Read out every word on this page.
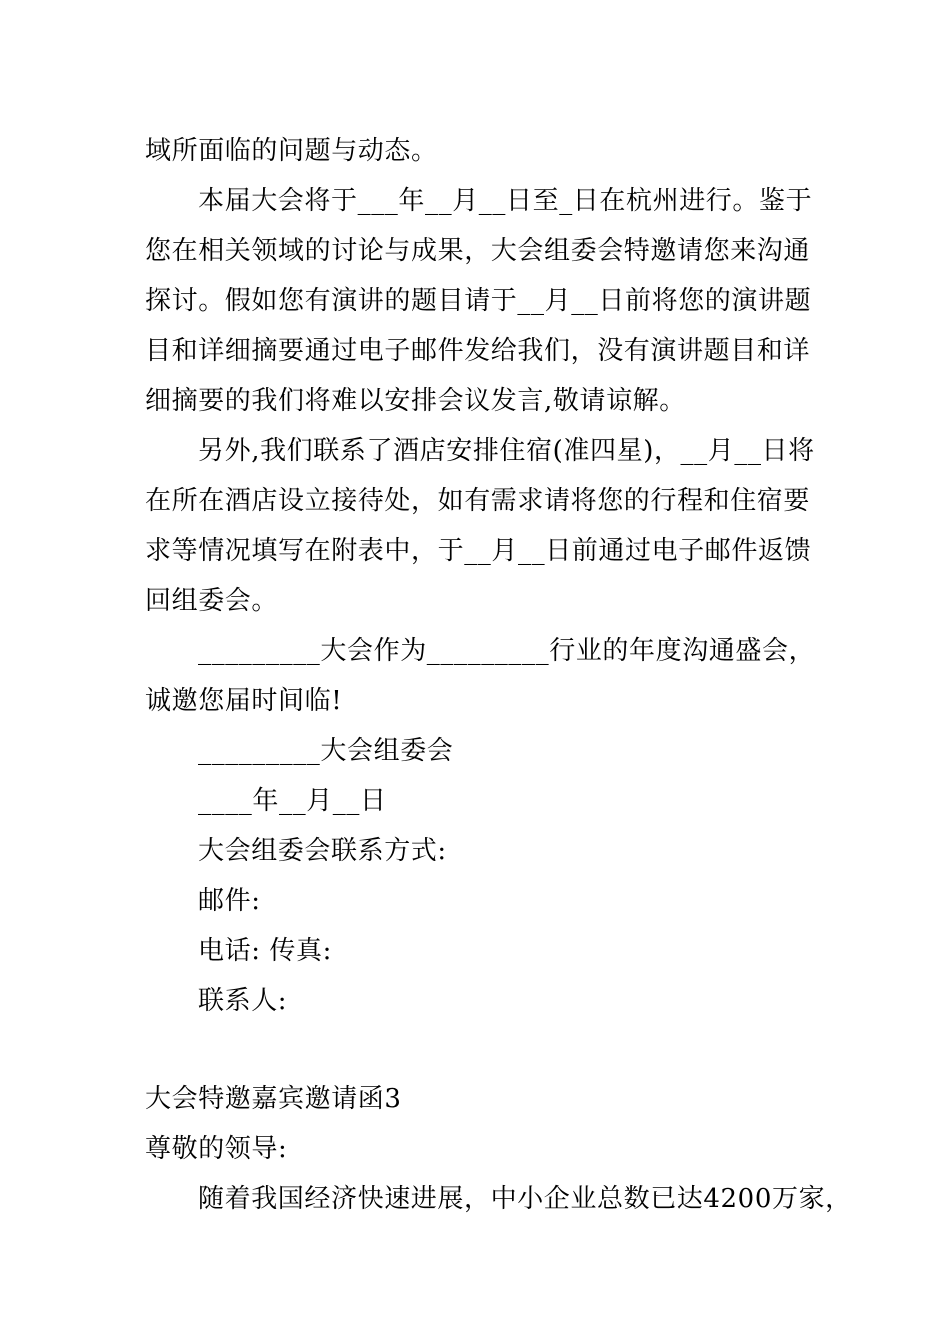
域所面临的问题与动态。
本届大会将于___年__月__日至_日在杭州进行。鉴于
您在相关领域的讨论与成果，大会组委会特邀请您来沟通
探讨。假如您有演讲的题目请于__月__日前将您的演讲题
目和详细摘要通过电子邮件发给我们，没有演讲题目和详
细摘要的我们将难以安排会议发言,敬请谅解。
另外,我们联系了酒店安排住宿(准四星)，__月__日将
在所在酒店设立接待处，如有需求请将您的行程和住宿要
求等情况填写在附表中，于__月__日前通过电子邮件返馈
回组委会。
_________大会作为_________行业的年度沟通盛会，
诚邀您届时间临!
_________大会组委会
____年__月__日
大会组委会联系方式:
邮件:
电话: 传真:
联系人:
大会特邀嘉宾邀请函3
尊敬的领导:
随着我国经济快速进展，中小企业总数已达4200万家，
